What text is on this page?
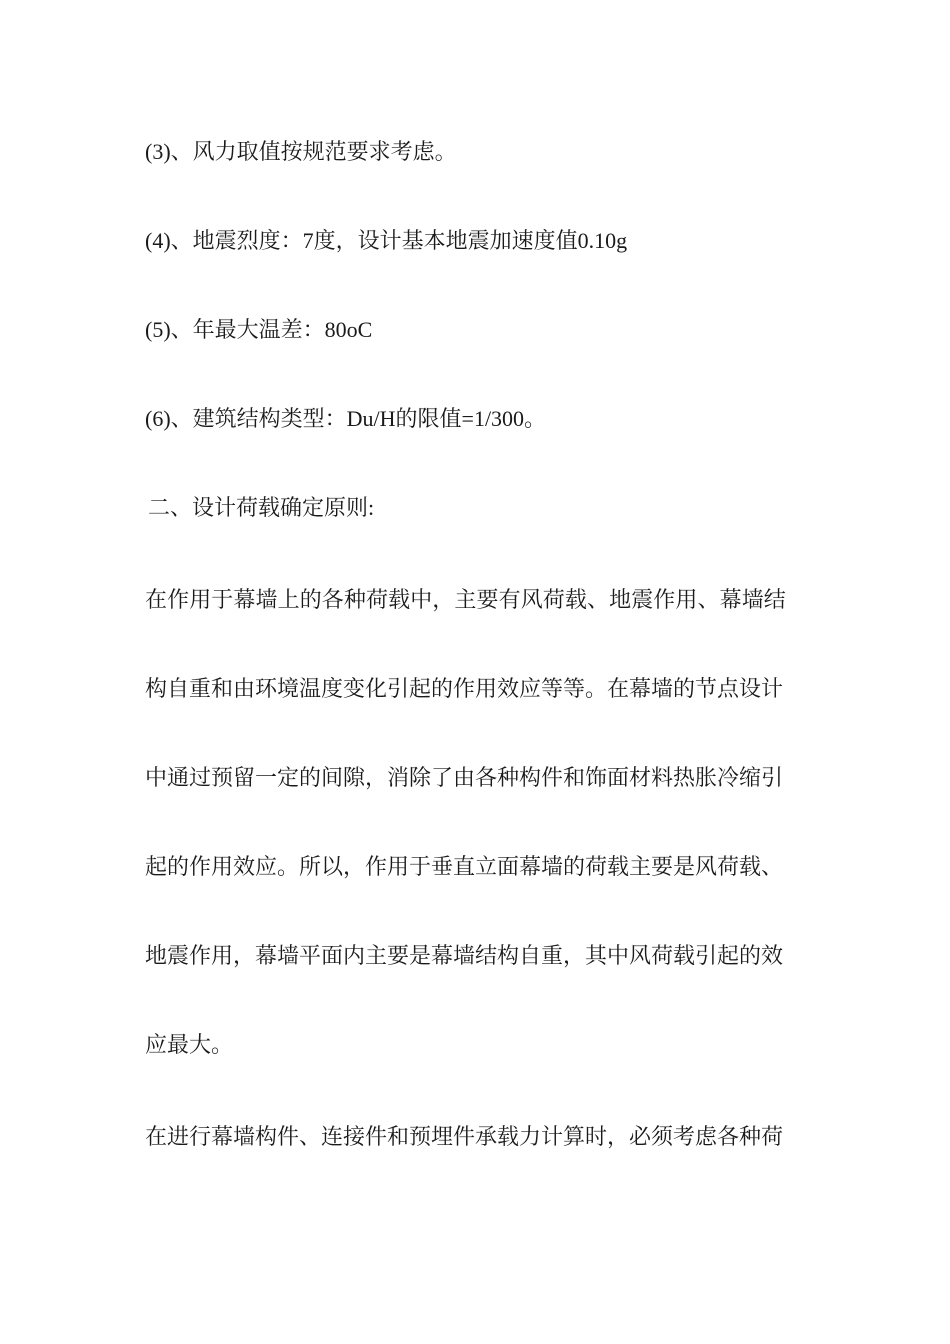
(3)、风力取值按规范要求考虑。
(4)、地震烈度：7度，设计基本地震加速度值0.10g
(5)、年最大温差：80oC
(6)、建筑结构类型：Du/H的限值=1/300。
二、设计荷载确定原则:
在作用于幕墙上的各种荷载中，主要有风荷载、地震作用、幕墙结
构自重和由环境温度变化引起的作用效应等等。在幕墙的节点设计
中通过预留一定的间隙，消除了由各种构件和饰面材料热胀冷缩引
起的作用效应。所以，作用于垂直立面幕墙的荷载主要是风荷载、
地震作用，幕墙平面内主要是幕墙结构自重，其中风荷载引起的效
应最大。
在进行幕墙构件、连接件和预埋件承载力计算时，必须考虑各种荷
